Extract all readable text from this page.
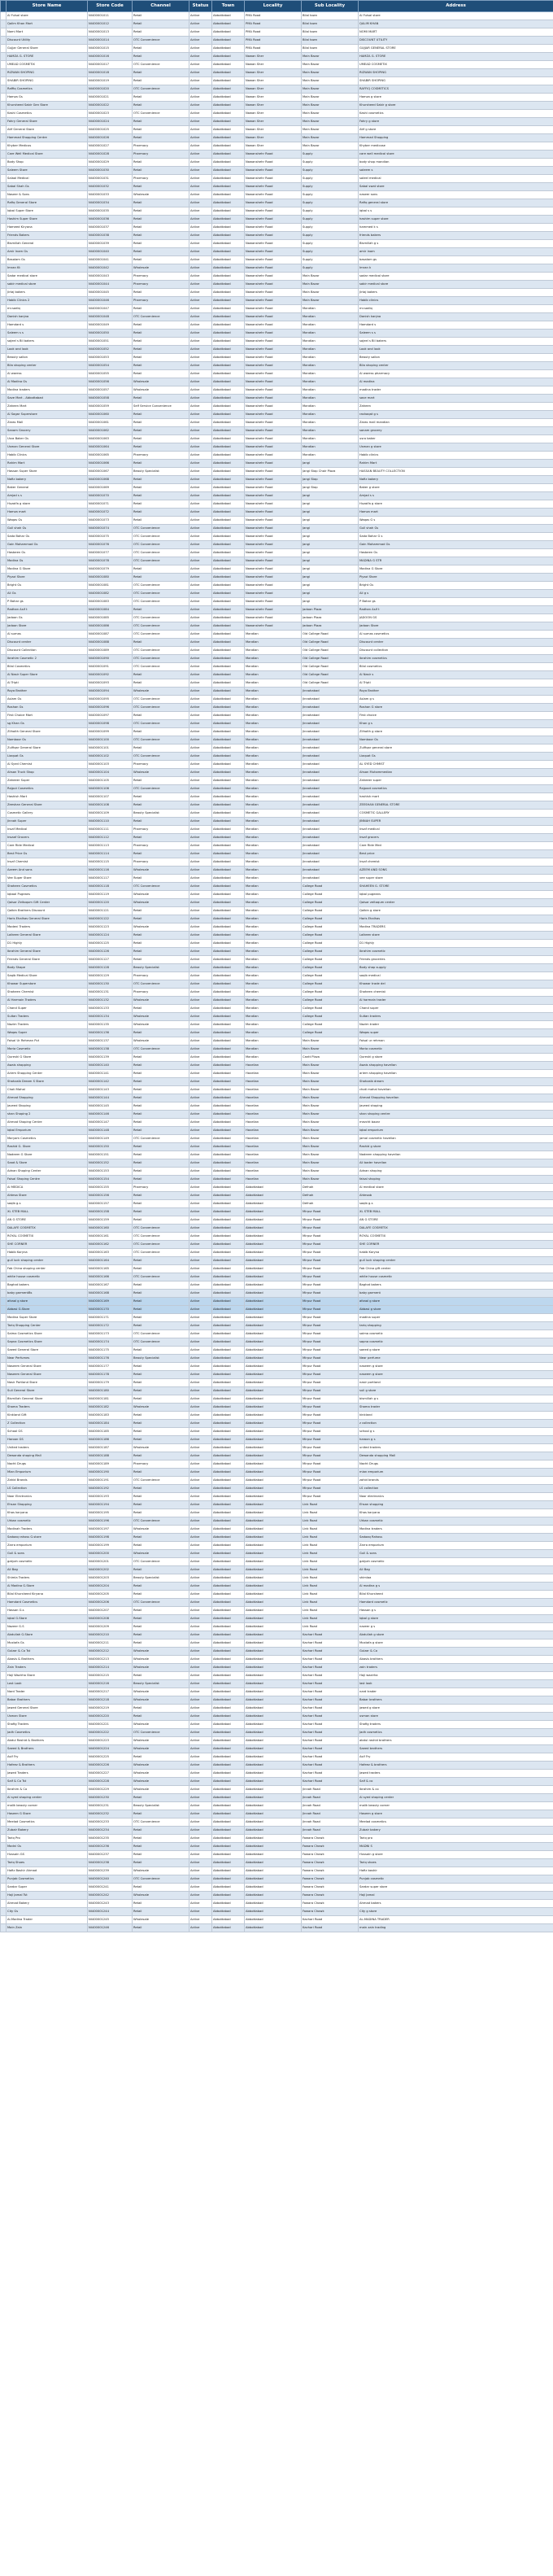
	Store Name	Store Code	Channel	Status	Town	Locality	Sub Locality	Address
	Al Fulsal store	NI400001011	Retail	Active	Abbottabad	PMA Road	Bilal town	Al Fulsal store
	Qalim Khan Mart	NI400001012	Retail	Active	Abbottabad	PMA Road	Bilal town	QALIM KHAN
	Nomi Mart	NI400001013	Retail	Active	Abbottabad	PMA Road	Bilal town	NOMI MART
	Discount Utility	NI400001014	OTC Convenience	Active	Abbottabad	PMA Road	Bilal town	DISCOUNT UTILITY
	Gujjar General Store	NI400001015	Retail	Active	Abbottabad	PMA Road	Bilal town	GUJJAR GENERAL STORE
	HAMZA G. STORE	NI400001016	Retail	Active	Abbottabad	Nawan Sher	Main Bazar	HAMZA G. STORE
	UMEAD COSMETIX	NI400001017	OTC Convenience	Active	Abbottabad	Nawan Sher	Main Bazar	UMEAD COSMETIX
	RIZWAN SHOPING	NI400001018	Retail	Active	Abbottabad	Nawan Sher	Main Bazar	RIZWAN SHOPING
	SHABIR SHOPING	NI400001019	Retail	Active	Abbottabad	Nawan Sher	Main Bazar	SHABIR SHOPING
	Raffiq Cosmetics	NI400001020	OTC Convenience	Active	Abbottabad	Nawan Sher	Main Bazar	RAFFIQ COSMETICS
	Hamza Gs	NI400001021	Retail	Active	Abbottabad	Nawan Sher	Main Bazar	Hamza g store
	Khursheed Sabir Gen Store	NI400001022	Retail	Active	Abbottabad	Nawan Sher	Main Bazar	Khursheed Sabir g store
	Kashi Cosmetics	NI400001023	OTC Convenience	Active	Abbottabad	Nawan Sher	Main Bazar	Kashi cosmetics
	Fahry General Store	NI400001024	Retail	Active	Abbottabad	Nawan Sher	Main Bazar	Fahry g store
	Atif General Store	NI400001025	Retail	Active	Abbottabad	Nawan Sher	Main Bazar	Atif g store
	Hammad Shopping Centre	NI400001026	Retail	Active	Abbottabad	Nawan Sher	Main Bazar	Hammad Shopping
	Khyber Medicos	NI400001027	Pharmacy	Active	Abbottabad	Nawan Sher	Main Bazar	Khyber medicose
	Care Well Medical Store	NI400001028	Pharmacy	Active	Abbottabad	Nawanshehr Road	Supply	care well medical store
	Body Shop	NI400001029	Retail	Active	Abbottabad	Nawanshehr Road	Supply	body shop mandian
	Saleem Store	NI400001030	Retail	Active	Abbottabad	Nawanshehr Road	Supply	saleem s
	Salaal Medical	NI400001031	Pharmacy	Active	Abbottabad	Nawanshehr Road	Supply	saleel medical
	Sabal Shah Gs	NI400001032	Retail	Active	Abbottabad	Nawanshehr Road	Supply	Sabal swat store
	Naseer & Sons	NI400001033	Wholesale	Active	Abbottabad	Nawanshehr Road	Supply	naseer sons
	Rafiq General Store	NI400001034	Retail	Active	Abbottabad	Nawanshehr Road	Supply	Rafiq general store
	Iqbal Super Store	NI400001035	Retail	Active	Abbottabad	Nawanshehr Road	Supply	iqbal s s
	Hashim Super Store	NI400001036	Retail	Active	Abbottabad	Nawanshehr Road	Supply	hashim super store
	Hameed Kiryana	NI400001037	Retail	Active	Abbottabad	Nawanshehr Road	Supply	hammed k s
	Friends Bakers	NI400001038	Retail	Active	Abbottabad	Nawanshehr Road	Supply	friends bakers
	Bismillah General	NI400001039	Retail	Active	Abbottabad	Nawanshehr Road	Supply	Bismillah g s
	Amir Inam Gs	NI400001040	Retail	Active	Abbottabad	Nawanshehr Road	Supply	amir inam
	Basalam Gs	NI400001041	Retail	Active	Abbottabad	Nawanshehr Road	Supply	basalam gs
	Imran Kt	NI400001042	Wholesale	Active	Abbottabad	Nawanshehr Road	Supply	Imran k
	Sadar medical store	NI400001043	Pharmacy	Active	Abbottabad	Nawanshehr Road	Main Bazar	sadar medical store
	sabir medical store	NI400001044	Pharmacy	Active	Abbottabad	Nawanshehr Road	Main Bazar	sabir medical store
	Jirtaj bakers	NI400001045	Retail	Active	Abbottabad	Nawanshehr Road	Main Bazar	Jirtaj bakers
	Habib Clinics 2	NI400001046	Pharmacy	Active	Abbottabad	Nawanshehr Road	Main Bazar	Habib clinics
	mr.sadiq	NI400001047	Retail	Active	Abbottabad	Nawanshehr Road	Mandian	mr.sadiq
	Danish kanjna	NI400001048	OTC Convenience	Active	Abbottabad	Nawanshehr Road	Mandian	Danish kanjna
	Hamdard s	NI400001049	Retail	Active	Abbottabad	Nawanshehr Road	Mandian	Hamdard s
	Saleem s s	NI400001050	Retail	Active	Abbottabad	Nawanshehr Road	Mandian	Saleem s s
	sajeel s Bil bakers	NI400001051	Retail	Active	Abbottabad	Nawanshehr Road	Mandian	sajeel s Bil bakers
	Look and look	NI400001052	Retail	Active	Abbottabad	Nawanshehr Road	Mandian	Look and look
	Beauty sallon	NI400001053	Retail	Active	Abbottabad	Nawanshehr Road	Mandian	Beauty sallon
	Bila shoping center	NI400001054	Retail	Active	Abbottabad	Nawanshehr Road	Mandian	Bila shoping center
	Al waress	NI400001055	Retail	Active	Abbottabad	Nawanshehr Road	Mandian	Al waress pharmacy
	Al Madina Gs	NI400001056	Wholesale	Active	Abbottabad	Nawanshehr Road	Mandian	Al madina
	Madina traders	NI400001057	Wholesale	Active	Abbottabad	Nawanshehr Road	Mandian	madina trader
	Save Mart - Abbottabad	NI400001058	Retail	Active	Abbottabad	Nawanshehr Road	Mandian	save mart
	Zaheen Mart	NI400001059	Self Service Convenience	Active	Abbottabad	Nawanshehr Road	Mandian	Zaheen
	Al Sagar Superstore	NI400001060	Retail	Active	Abbottabad	Nawanshehr Road	Mandian	rashaqat g s
	Zaras Mall	NI400001061	Retail	Active	Abbottabad	Nawanshehr Road	Mandian	Zaras mall mandian
	Sanam Grocery	NI400001062	Retail	Active	Abbottabad	Nawanshehr Road	Mandian	sanam grocery
	Usra Baker Gs	NI400001063	Retail	Active	Abbottabad	Nawanshehr Road	Mandian	usra baker
	Usman General Store	NI400001064	Retail	Active	Abbottabad	Nawanshehr Road	Mandian	Usman g store
	Habib Clinics	NI400001065	Pharmacy	Active	Abbottabad	Nawanshehr Road	Mandian	Habib clinics
	Rahim Mart	NI400001066	Retail	Active	Abbottabad	Nawanshehr Road	Jangi	Rahim Mart
	Hassan Super Store	NI400001067	Beauty Specialist	Active	Abbottabad	Nawanshehr Road	Jangi Stop Chair Plaza	HASSAN BEAUTY COLLECTION
	Nafiz bakery	NI400001068	Retail	Active	Abbottabad	Nawanshehr Road	Jangi Stop	Nafiz bakery
	Baker General	NI400001069	Retail	Active	Abbottabad	Nawanshehr Road	Jangi Stop	Baker g store
	Amjad s s	NI400001070	Retail	Active	Abbottabad	Nawanshehr Road	Jangi	Amjad s s
	Huzaifa g store	NI400001071	Retail	Active	Abbottabad	Nawanshehr Road	Jangi	Huzaifa g store
	Hamza mart	NI400001072	Retail	Active	Abbottabad	Nawanshehr Road	Jangi	Hamza mart
	Waqas Gs	NI400001073	Retail	Active	Abbottabad	Nawanshehr Road	Jangi	Waqas G s
	Gull shah Gs	NI400001074	OTC Convenience	Active	Abbottabad	Nawanshehr Road	Jangi	Gull shah Gs
	Sada Bahar Gs	NI400001075	OTC Convenience	Active	Abbottabad	Nawanshehr Road	Jangi	Sada Bahar G s
	Gain Mohammad Gs	NI400001076	OTC Convenience	Active	Abbottabad	Nawanshehr Road	Jangi	Gain Mohammad Gs
	Hasbeen Gs	NI400001077	OTC Convenience	Active	Abbottabad	Nawanshehr Road	Jangi	Hasbeen Gs
	Madina Gs	NI400001078	OTC Convenience	Active	Abbottabad	Nawanshehr Road	Jangi	MADINA G STR
	Madina G Store	NI400001079	Retail	Active	Abbottabad	Nawanshehr Road	Jangi	Madina G Store
	Piyazi Store	NI400001080	Retail	Active	Abbottabad	Nawanshehr Road	Jangi	Piyazi Store
	Bright Gs	NI400001081	OTC Convenience	Active	Abbottabad	Nawanshehr Road	Jangi	Bright Gs
	Ali Gs	NI400001082	OTC Convenience	Active	Abbottabad	Nawanshehr Road	Jangi	Ali g s
	P Bahar gs	NI400001083	OTC Convenience	Active	Abbottabad	Nawanshehr Road	Jangi	P Bahar gs
	Radhan Asif t	NI400001084	Retail	Active	Abbottabad	Nawanshehr Road	Jadoon Plaza	Radhan Asif t
	Jadoon Gs	NI400001085	OTC Convenience	Active	Abbottabad	Nawanshehr Road	Jadoon Plaza	JADOON GS
	Jadoon Store	NI400001086	OTC Convenience	Active	Abbottabad	Nawanshehr Road	Jadoon Plaza	Jadoon Store
	Al sumas	NI400001087	OTC Convenience	Active	Abbottabad	Mandian	Old College Road	Al sumas cosmetics
	Discount center	NI400001088	Retail	Active	Abbottabad	Mandian	Old College Road	Discount center
	Discount Collection	NI400001089	OTC Convenience	Active	Abbottabad	Mandian	Old College Road	Discount collection
	Ibrahim Cosmetic 2	NI400001090	OTC Convenience	Active	Abbottabad	Mandian	Old College Road	Ibrahim cosmetics
	Bilal Cosmetics	NI400001091	OTC Convenience	Active	Abbottabad	Mandian	Old College Road	Bilal cosmetics
	Al Nasir Super Store	NI400001092	Retail	Active	Abbottabad	Mandian	Old College Road	Al Nasir s
	Al Tripti	NI400001093	Retail	Active	Abbottabad	Mandian	Old College Road	Al Tripti
	Roya Brother	NI400001094	Wholesale	Active	Abbottabad	Mandian	Jinnahabad	Roya Brother
	Aslam Gs	NI400001095	OTC Convenience	Active	Abbottabad	Mandian	Jinnahabad	Aslam g s
	Roshan Gs	NI400001096	OTC Convenience	Active	Abbottabad	Mandian	Jinnahabad	Roshan G store
	First Choice Mart	NI400001097	Retail	Active	Abbottabad	Mandian	Jinnahabad	First choice
	sg Khan Gs	NI400001098	OTC Convenience	Active	Abbottabad	Mandian	Jinnahabad	Khan g s
	Zilhaith General Store	NI400001099	Retail	Active	Abbottabad	Mandian	Jinnahabad	Zilhaith g store
	Nomboor Gs	NI400001100	OTC Convenience	Active	Abbottabad	Mandian	Jinnahabad	Nomboor Gs
	Zulfiqar General Store	NI400001101	Retail	Active	Abbottabad	Mandian	Jinnahabad	Zulfiqar general store
	Liaquat Gs	NI400001102	OTC Convenience	Active	Abbottabad	Mandian	Jinnahabad	Liaquat Gs
	Al Syed Chemist	NI400001103	Pharmacy	Active	Abbottabad	Mandian	Jinnahabad	AL SYED CHMIST
	Ahsan Truck Shop	NI400001104	Wholesale	Active	Abbottabad	Mandian	Jinnahabad	Ahsan Muhammedian
	Zaheeer Super	NI400001105	Retail	Active	Abbottabad	Mandian	Jinnahabad	Zaheeer super
	Rajput Cosmetics	NI400001106	OTC Convenience	Active	Abbottabad	Mandian	Jinnahabad	Rajpoot cosmetics
	Hashish Mart	NI400001107	Retail	Active	Abbottabad	Mandian	Jinnahabad	hashish mart
	Zeeshan General Store	NI400001108	Retail	Active	Abbottabad	Mandian	Jinnahabad	ZEESHAN GENERAL STORE
	Cosmetic Gallery	NI400001109	Beauty Specialist	Active	Abbottabad	Mandian	Jinnahabad	COSMETIC GALLERY
	Jinnah Super	NI400001110	Retail	Active	Abbottabad	Mandian	Jinnahabad	JINNAH SUPER
	Insaf Medical	NI400001111	Pharmacy	Active	Abbottabad	Mandian	Jinnahabad	Insaf medical
	Insaaf Grocers	NI400001112	Retail	Active	Abbottabad	Mandian	Jinnahabad	Insaf grocers
	Care Ride Medical	NI400001113	Pharmacy	Active	Abbottabad	Mandian	Jinnahabad	Care Ride Med
	Best Price Gs	NI400001114	Retail	Active	Abbottabad	Mandian	Jinnahabad	Best price
	Insaf Chemist	NI400001115	Pharmacy	Active	Abbottabad	Mandian	Jinnahabad	Insaf chemist
	Azeem And sons	NI400001116	Wholesale	Active	Abbottabad	Mandian	Jinnahabad	AZEEM AND SONS
	Vee Super Store	NI400001117	Retail	Active	Abbottabad	Mandian	Jinnahabad	vee super store
	Shaheen Cosmetics	NI400001118	OTC Convenience	Active	Abbottabad	Mandian	College Road	SHAHEEN G. STORE
	Iqbaal Pugeans	NI400001119	Wholesale	Active	Abbottabad	Mandian	College Road	Iqbal pugeans
	Qaisar Zeitoqum Gift Center	NI400001120	Wholesale	Active	Abbottabad	Mandian	College Road	Qaisar zeitoqum center
	Qalbin Brothers Discount	NI400001121	Retail	Active	Abbottabad	Mandian	College Road	Qalbin g store
	Haris Ehalhas General Store	NI400001122	Retail	Active	Abbottabad	Mandian	College Road	Haris Ehalhas
	Madeni Traders	NI400001123	Wholesale	Active	Abbottabad	Mandian	College Road	Madina TRADERS
	Laikeen General Store	NI400001124	Retail	Active	Abbottabad	Mandian	College Road	Laikeen store
	D1 Highly	NI400001125	Retail	Active	Abbottabad	Mandian	College Road	D1 Highly
	Ibrahim General Store	NI400001126	Retail	Active	Abbottabad	Mandian	College Road	Ibrahim cosmetic
	Friends General Store	NI400001127	Retail	Active	Abbottabad	Mandian	College Road	Friends groceries
	Body Shape	NI400001128	Beauty Specialist	Active	Abbottabad	Mandian	College Road	Body shap supply
	Saqib Medical Store	NI400001129	Pharmacy	Active	Abbottabad	Mandian	College Road	saqib medical
	Khawar Superstore	NI400001130	OTC Convenience	Active	Abbottabad	Mandian	College Road	Khawar trade del
	Shaheen Chemist	NI400001131	Pharmacy	Active	Abbottabad	Mandian	College Road	Shaheen chemist
	Al Harmain Traders	NI400001132	Wholesale	Active	Abbottabad	Mandian	College Road	Al harmain trader
	Chand Super	NI400001133	Retail	Active	Abbottabad	Mandian	College Road	Chand super
	Sultan Traders	NI400001134	Wholesale	Active	Abbottabad	Mandian	College Road	Sultan traders
	Nazim Traders	NI400001135	Wholesale	Active	Abbottabad	Mandian	College Road	Nazim trader
	Waqas Super	NI400001136	Retail	Active	Abbottabad	Mandian	College Road	Waqas super
	Faisal Ur Rehman Pvt	NI400001137	Wholesale	Active	Abbottabad	Mandian	Main Bazar	Faisal ur rehman
	Maria Cosmetic	NI400001138	OTC Convenience	Active	Abbottabad	Mandian	Main Bazar	Maria cosmetic
	Qureshi G Store	NI400001139	Retail	Active	Abbottabad	Mandian	Cantt Plaza	Qureshi g store
	Awais shopping	NI400001140	Retail	Active	Abbottabad	Havelian	Main Bazar	Awais shopping havelian
	Ariem Shopping Center	NI400001141	Retail	Active	Abbottabad	Havelian	Main Bazar	ariem shopping havelian
	Shahzaib Dream S Store	NI400001142	Retail	Active	Abbottabad	Havelian	Main Bazar	Shahzaib dream
	Choti Mahal	NI400001143	Retail	Active	Abbottabad	Havelian	Main Bazar	choti mahal havelian
	Ahmad Shopping	NI400001144	Retail	Active	Abbottabad	Havelian	Main Bazar	Ahmad Shopping havelian
	Javeed Shoping	NI400001145	Retail	Active	Abbottabad	Havelian	Main Bazar	Javeed shoping
	shan Shoping 2	NI400001146	Retail	Active	Abbottabad	Havelian	Main Bazar	shan shoping centre
	Ahmad Shoping Centre	NI400001147	Retail	Active	Abbottabad	Havelian	Main Bazar	mezcht bazar
	Iqbal Emporium	NI400001148	Retail	Active	Abbottabad	Havelian	Main Bazar	Iqbal emporium
	Maryam Cosmetics	NI400001149	OTC Convenience	Active	Abbottabad	Havelian	Main Bazar	jamal cosmetic havelian
	Rashid G. Store	NI400001150	Retail	Active	Abbottabad	Havelian	Main Bazar	Rashid g store
	Nadeem G Store	NI400001151	Retail	Active	Abbottabad	Havelian	Main Bazar	Nadeem shopping havelian
	Saad & Store	NI400001152	Retail	Active	Abbottabad	Havelian	Main Bazar	Ali bader havelian
	Adnan Shoping Center	NI400001153	Retail	Active	Abbottabad	Havelian	Main Bazar	Adnan shoping
	Faisal Shoping Centre	NI400001154	Retail	Active	Abbottabad	Havelian	Main Bazar	faisal shoping
	Al MEDICA	NI400001155	Pharmacy	Active	Abbottabad	Abbottabad	Defnah	Al medical store
	Ahtesa Store	NI400001156	Retail	Active	Abbottabad	Abbottabad	Defnah	Ahtesab
	saqib g.s	NI400001157	Retail	Active	Abbottabad	Abbottabad	Defnah	saqib g.s
	XL STEB MALL	NI400001158	Retail	Active	Abbottabad	Abbottabad	Mirpur Road	XL STEB MALL
	AN G STORE	NI400001159	Retail	Active	Abbottabad	Abbottabad	Mirpur Road	AN G STORE
	DALAFE COSMETIX	NI400001160	OTC Convenience	Active	Abbottabad	Abbottabad	Mirpur Road	DALAFE COSMETIX
	ROYAL COSMETIX	NI400001161	OTC Convenience	Active	Abbottabad	Abbottabad	Mirpur Road	ROYAL COSMETIX
	SHE CORNER	NI400001162	OTC Convenience	Active	Abbottabad	Abbottabad	Mirpur Road	SHE CORNER
	Habib Koryna	NI400001163	OTC Convenience	Active	Abbottabad	Abbottabad	Mirpur Road	habib Koryna
	gull luck shoping center	NI400001164	Retail	Active	Abbottabad	Abbottabad	Mirpur Road	gull luck shoping center
	Fab China shoping center	NI400001165	Retail	Active	Abbottabad	Abbottabad	Mirpur Road	Fab China gift center
	white house cosmetic	NI400001166	OTC Convenience	Active	Abbottabad	Abbottabad	Mirpur Road	white house cosmetic
	Baghat bakers	NI400001167	Retail	Active	Abbottabad	Abbottabad	Mirpur Road	Baghat bakers
	baby garmentBs	NI400001168	Retail	Active	Abbottabad	Abbottabad	Mirpur Road	baby garment
	afzaal g store	NI400001169	Retail	Active	Abbottabad	Abbottabad	Mirpur Road	afzaal g store
	Abbasi G.Store	NI400001170	Retail	Active	Abbottabad	Abbottabad	Mirpur Road	Abbasi g store
	Madina Super Store	NI400001171	Retail	Active	Abbottabad	Abbottabad	Mirpur Road	madina super
	Tariq Shopping Center	NI400001172	Retail	Active	Abbottabad	Abbottabad	Mirpur Road	tariq shopping
	Saima Cosmetics Store	NI400001173	OTC Convenience	Active	Abbottabad	Abbottabad	Mirpur Road	saima cosmetic
	Sapna Cosmetics Store	NI400001174	OTC Convenience	Active	Abbottabad	Abbottabad	Mirpur Road	sapna cosmetic
	Saeed General Store	NI400001175	Retail	Active	Abbottabad	Abbottabad	Mirpur Road	saeed g store
	Near Perfumes	NI400001176	Beauty Specialist	Active	Abbottabad	Abbottabad	Mirpur Road	Near perfume
	Naseem General Store	NI400001177	Retail	Active	Abbottabad	Abbottabad	Mirpur Road	naseem g store
	Naseem General Store	NI400001178	Retail	Active	Abbottabad	Abbottabad	Mirpur Road	naseem g store
	Nasir Portland Store	NI400001179	Retail	Active	Abbottabad	Abbottabad	Mirpur Road	nasir portland
	Suli General Store	NI400001180	Retail	Active	Abbottabad	Abbottabad	Mirpur Road	suli g store
	Bismillah General Store	NI400001181	Retail	Active	Abbottabad	Abbottabad	Mirpur Road	bismillah g s
	Shama Traders	NI400001182	Wholesale	Active	Abbottabad	Abbottabad	Mirpur Road	Shama trader
	Kinkland Gift	NI400001183	Retail	Active	Abbottabad	Abbottabad	Mirpur Road	kinkland
	Z Collection	NI400001184	Retail	Active	Abbottabad	Abbottabad	Mirpur Road	z collection
	School GS	NI400001185	Retail	Active	Abbottabad	Abbottabad	Mirpur Road	school g s
	Haroon GS	NI400001186	Retail	Active	Abbottabad	Abbottabad	Mirpur Road	haroon g s
	United traders	NI400001187	Wholesale	Active	Abbottabad	Abbottabad	Mirpur Road	united traders
	Dewanda shoping Mall	NI400001188	Retail	Active	Abbottabad	Abbottabad	Mirpur Road	Dewanda shopping Mall
	Nacht Drugs	NI400001189	Pharmacy	Active	Abbottabad	Abbottabad	Mirpur Road	Nacht Drugs
	Mian Emporium	NI400001190	Retail	Active	Abbottabad	Abbottabad	Mirpur Road	mian emporium
	Zahid Brands	NI400001191	OTC Convenience	Active	Abbottabad	Abbottabad	Mirpur Road	zahid brands
	LS Collection	NI400001192	Retail	Active	Abbottabad	Abbottabad	Mirpur Road	LS collection
	Noor Electronics	NI400001193	Retail	Active	Abbottabad	Abbottabad	Mirpur Road	Noor electronics
	Ehsan Shopping	NI400001194	Retail	Active	Abbottabad	Abbottabad	Link Road	Ehsan shopping
	Khas karyana	NI400001195	Retail	Active	Abbottabad	Abbottabad	Link Road	Khas karyana
	Urban cosmetic	NI400001196	OTC Convenience	Active	Abbottabad	Abbottabad	Link Road	Urban cosmetic
	Madinah Traders	NI400001197	Wholesale	Active	Abbottabad	Abbottabad	Link Road	Madina traders
	Sadaaq rahoss G.store	NI400001198	Retail	Active	Abbottabad	Abbottabad	Link Road	Sadaaq Rahoss
	Zarra emporium	NI400001199	Retail	Active	Abbottabad	Abbottabad	Link Road	Zarra emporium
	Gull & sons	NI400001200	Wholesale	Active	Abbottabad	Abbottabad	Link Road	Gull & sons
	gatyah cosmetic	NI400001201	OTC Convenience	Active	Abbottabad	Abbottabad	Link Road	gatyah cosmetic
	Ali Bag	NI400001202	Retail	Active	Abbottabad	Abbottabad	Link Road	Ali Bag
	Shimla Traders	NI400001203	Beauty Specialist	Active	Abbottabad	Abbottabad	Link Road	shimlaa
	Al Madina G.Store	NI400001204	Retail	Active	Abbottabad	Abbottabad	Link Road	Al madina g s
	Bilal Khursheed Kiryana	NI400001205	Retail	Active	Abbottabad	Abbottabad	Link Road	Bilal Khursheed
	Hamdard Cosmetics	NI400001206	OTC Convenience	Active	Abbottabad	Abbottabad	Link Road	Hamdard cosmetic
	Hassan G.s	NI400001207	Retail	Active	Abbottabad	Abbottabad	Link Road	Hassan g s
	Iqbal G.Store	NI400001208	Retail	Active	Abbottabad	Abbottabad	Link Road	Iqbal g store
	Nazeer G.S	NI400001209	Retail	Active	Abbottabad	Abbottabad	Link Road	nazeer g s
	Abdullah G.Store	NI400001210	Retail	Active	Abbottabad	Abbottabad	Kachari Road	Abdullah g store
	Mustafa Gs	NI400001211	Retail	Active	Abbottabad	Abbottabad	Kachari Road	Mustafa g store
	Gulzar & Co Tst	NI400001212	Wholesale	Active	Abbottabad	Abbottabad	Kachari Road	Gulzar & Co
	Abasis & Brothers	NI400001213	Wholesale	Active	Abbottabad	Abbottabad	Kachari Road	Abasis brothers
	Zain Traders	NI400001214	Wholesale	Active	Abbottabad	Abbottabad	Kachari Road	zain traders
	Haji Wazirha Store	NI400001215	Retail	Active	Abbottabad	Abbottabad	Kachari Road	Haji wazirha
	Last Look	NI400001216	Beauty Specialist	Active	Abbottabad	Abbottabad	Kachari Road	last look
	Nard Trader	NI400001217	Wholesale	Active	Abbottabad	Abbottabad	Kachari Road	nard trader
	Babar Brothers	NI400001218	Wholesale	Active	Abbottabad	Abbottabad	Kachari Road	Babar brothers
	Jawed General Store	NI400001219	Retail	Active	Abbottabad	Abbottabad	Kachari Road	jawed g store
	Usman Store	NI400001220	Retail	Active	Abbottabad	Abbottabad	Kachari Road	usman store
	Shafig Traders	NI400001221	Wholesale	Active	Abbottabad	Abbottabad	Kachari Road	Shafig traders
	Jadh Cosmetics	NI400001222	OTC Convenience	Active	Abbottabad	Abbottabad	Kachari Road	Jadh cosmetics
	Abdul Rashid & Brothers	NI400001223	Wholesale	Active	Abbottabad	Abbottabad	Kachari Road	abdul rashid brothers
	Saeed & Brothers	NI400001224	Wholesale	Active	Abbottabad	Abbottabad	Kachari Road	Saeed brothers
	Asif Fry	NI400001225	Retail	Active	Abbottabad	Abbottabad	Kachari Road	Asif Fry
	Hafeez & Brothers	NI400001226	Wholesale	Active	Abbottabad	Abbottabad	Kachari Road	Hafeez & brothers
	Jawed Traders	NI400001227	Wholesale	Active	Abbottabad	Abbottabad	Kachari Road	Jawed traders
	Saif & Co Tst	NI400001228	Wholesale	Active	Abbottabad	Abbottabad	Kachari Road	Saif & co
	Ibrahim & Co	NI400001229	Wholesale	Active	Abbottabad	Abbottabad	Jinnah Road	Ibrahim & co
	Al syed shoping center	NI400001230	Retail	Active	Abbottabad	Abbottabad	Jinnah Road	Al syed shoping center
	malik beauty corner	NI400001231	Beauty Specialist	Active	Abbottabad	Abbottabad	Jinnah Road	malik beauty corner
	Haseen G Store	NI400001232	Retail	Active	Abbottabad	Abbottabad	Jinnah Road	Haseen g store
	Meelad Cosmetics	NI400001233	OTC Convenience	Active	Abbottabad	Abbottabad	Jinnah Road	Meelad cosmetics
	Zubair Bakery	NI400001234	Retail	Active	Abbottabad	Abbottabad	Jinnah Road	Zubair bakery
	Tariq Pro	NI400001235	Retail	Active	Abbottabad	Abbottabad	Fawara Chowk	Tariq pro
	Madni Gs	NI400001236	Retail	Active	Abbottabad	Abbottabad	Fawara Chowk	MADNI S
	Hussain GS	NI400001237	Retail	Active	Abbottabad	Abbottabad	Fawara Chowk	Hussain g store
	Tariq Shoes	NI400001238	Retail	Active	Abbottabad	Abbottabad	Fawara Chowk	Tariq shoes
	Hafiz Bashir Ahmad	NI400001239	Wholesale	Active	Abbottabad	Abbottabad	Fawara Chowk	Hafiz bashir
	Punjab Cosmetics	NI400001240	OTC Convenience	Active	Abbottabad	Abbottabad	Fawara Chowk	Punjab cosmetic
	Sardar Super	NI400001241	Retail	Active	Abbottabad	Abbottabad	Fawara Chowk	Sardar super store
	Haji Jamal Tst	NI400001242	Wholesale	Active	Abbottabad	Abbottabad	Fawara Chowk	Haji Jamal
	Ahmad Bakery	NI400001243	Retail	Active	Abbottabad	Abbottabad	Fawara Chowk	Ahmad bakers
	City Gs	NI400001244	Retail	Active	Abbottabad	Abbottabad	Fawara Chowk	City g store
	Al-Madina Trader	NI400001245	Wholesale	Active	Abbottabad	Abbottabad	Kachari Road	AL-MADINA TRADER
	Main Zain	NI400001246	Retail	Active	Abbottabad	Abbottabad	Kachari Road	main zain trading
